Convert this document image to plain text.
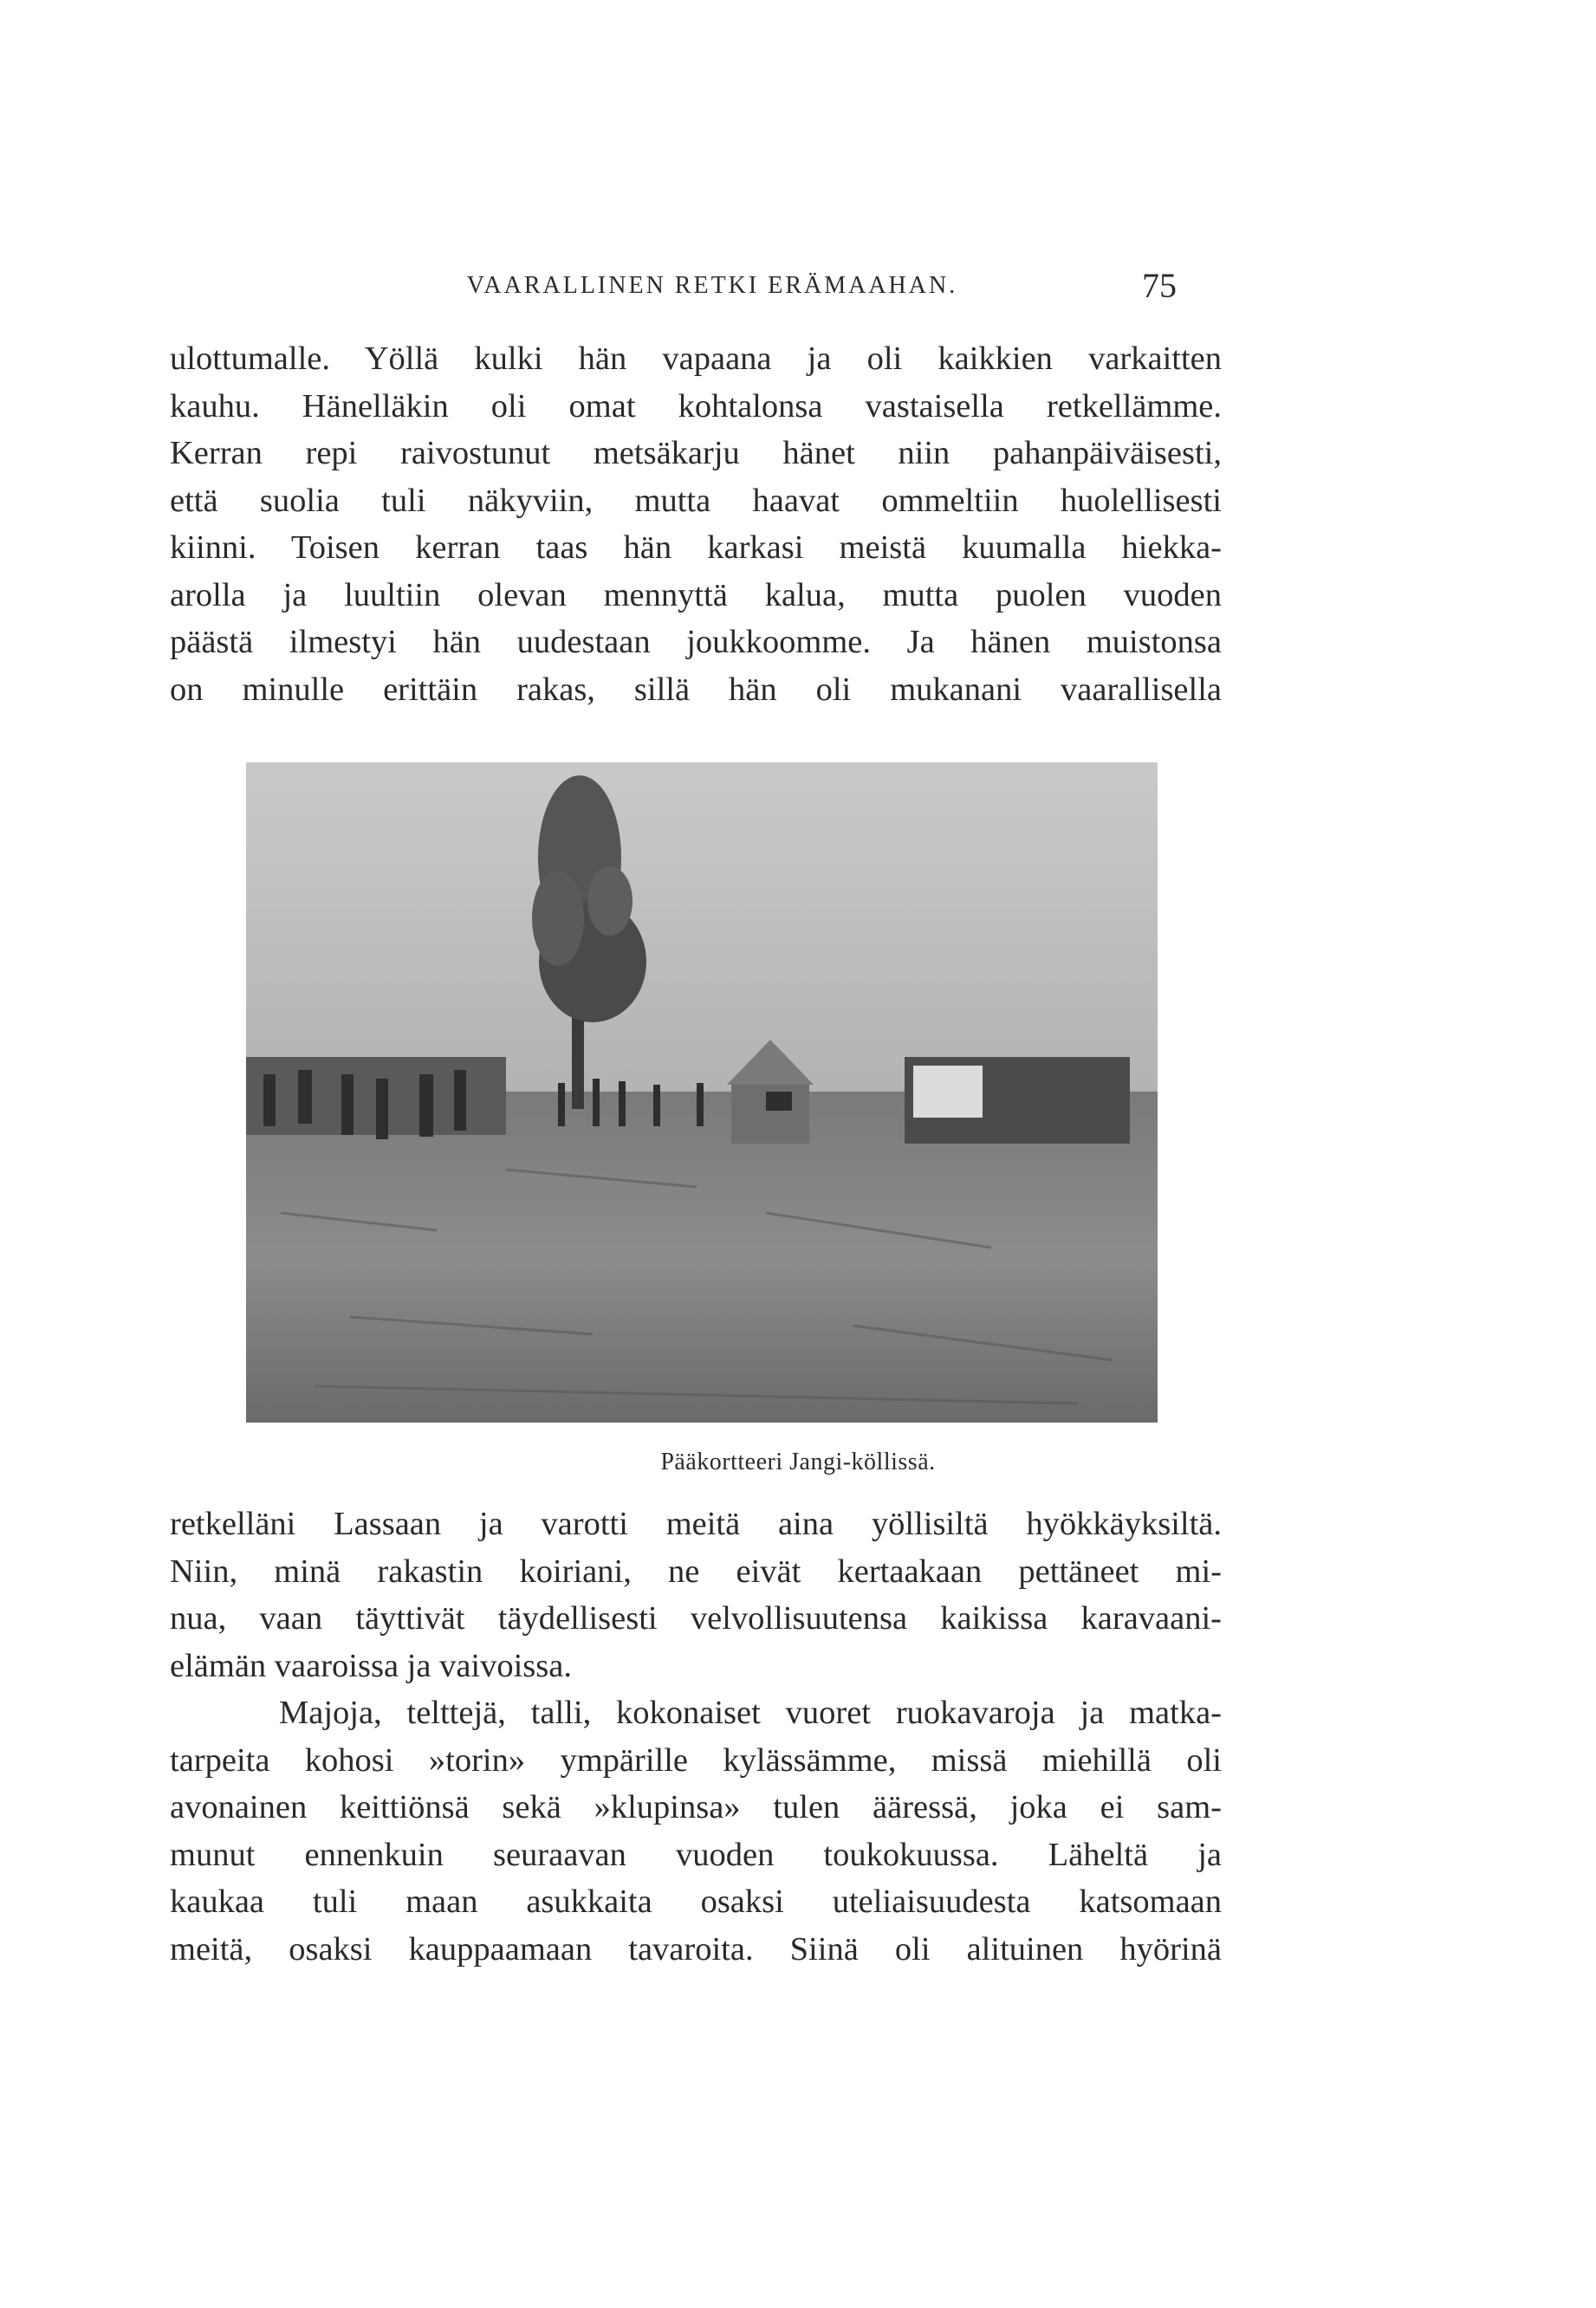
VAARALLINEN RETKI ERÄMAAHAN.	75

ulottumalle. Yöllä kulki hän vapaana ja oli kaikkien varkaitten

kauhu. Hänelläkin oli omat kohtalonsa vastaisella retkellämme.

Kerran repi raivostunut metsäkarju hänet niin pahanpäiväisesti,

että suolia tuli näkyviin, mutta haavat ommeltiin huolellisesti

kiinni. Toisen kerran taas hän karkasi meistä kuumalla hiekka-

arolla ja luultiin olevan mennyttä kalua, mutta puolen vuoden

päästä ilmestyi hän uudestaan joukkoomme. Ja hänen muistonsa

on minulle erittäin rakas, sillä hän oli mukanani vaarallisella

Pääkortteeri Jangi-köllissä.

retkelläni Lassaan ja varotti meitä aina yöllisiltä hyökkäyksiltä.

Niin, minä rakastin koiriani, ne eivät kertaakaan pettäneet mi-

nua, vaan täyttivät täydellisesti velvollisuutensa kaikissa karavaani-

elämän vaaroissa ja vaivoissa.

Majoja, telttejä, talli, kokonaiset vuoret ruokavaroja ja matka-

tarpeita kohosi »torin» ympärille kylässämme, missä miehillä oli

avonainen keittiönsä sekä »klupinsa» tulen ääressä, joka ei sam-

munut ennenkuin seuraavan vuoden toukokuussa. Läheltä ja

kaukaa tuli maan asukkaita osaksi uteliaisuudesta katsomaan

meitä, osaksi kauppaamaan tavaroita. Siinä oli alituinen hyörinä
